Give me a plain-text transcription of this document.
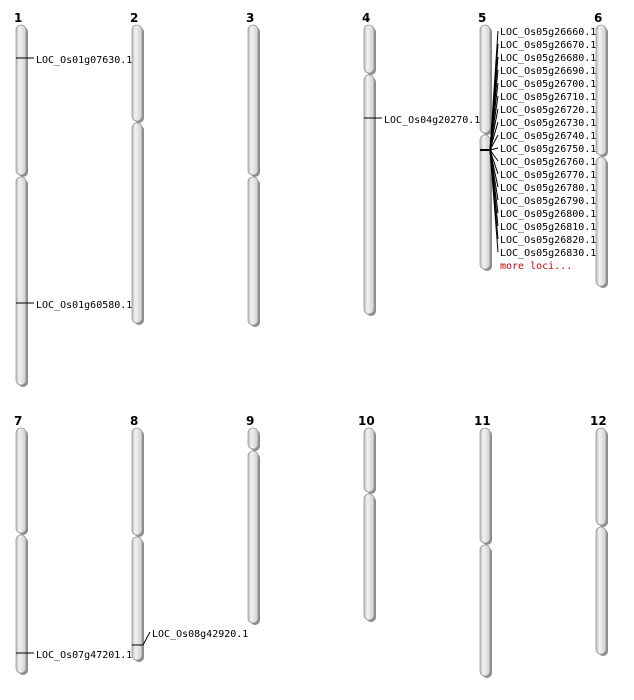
1	2	3	4	5	6
7	8	9	10	11	12
LOC_Os01g07630.1
LOC_Os01g60580.1
LOC_Os04g20270.1
LOC_Os07g47201.1
LOC_Os08g42920.1
LOC_Os05g26660.1
LOC_Os05g26670.1
LOC_Os05g26680.1
LOC_Os05g26690.1
LOC_Os05g26700.1
LOC_Os05g26710.1
LOC_Os05g26720.1
LOC_Os05g26730.1
LOC_Os05g26740.1
LOC_Os05g26750.1
LOC_Os05g26760.1
LOC_Os05g26770.1
LOC_Os05g26780.1
LOC_Os05g26790.1
LOC_Os05g26800.1
LOC_Os05g26810.1
LOC_Os05g26820.1
LOC_Os05g26830.1
more loci...
